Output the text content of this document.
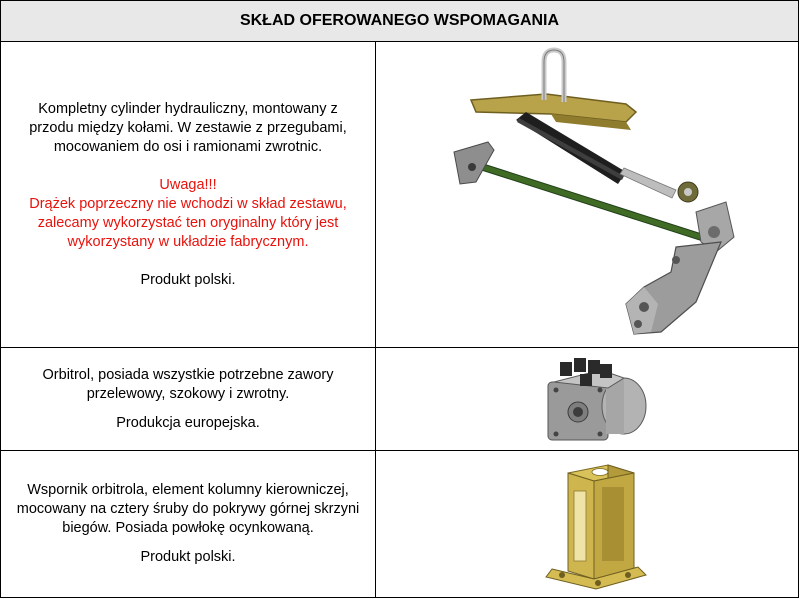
SKŁAD OFEROWANEGO WSPOMAGANIA

Kompletny cylinder hydrauliczny, montowany z przodu między kołami. W zestawie z przegubami, mocowaniem do osi i ramionami zwrotnic.

Uwaga!!!

Drążek poprzeczny nie wchodzi w skład zestawu, zalecamy wykorzystać ten oryginalny który jest wykorzystany w układzie fabrycznym.

Produkt polski.

Orbitrol, posiada wszystkie potrzebne zawory przelewowy, szokowy i zwrotny.

Produkcja europejska.

Wspornik orbitrola, element kolumny kierowniczej, mocowany na cztery śruby do pokrywy górnej skrzyni biegów. Posiada powłokę ocynkowaną.

Produkt polski.
